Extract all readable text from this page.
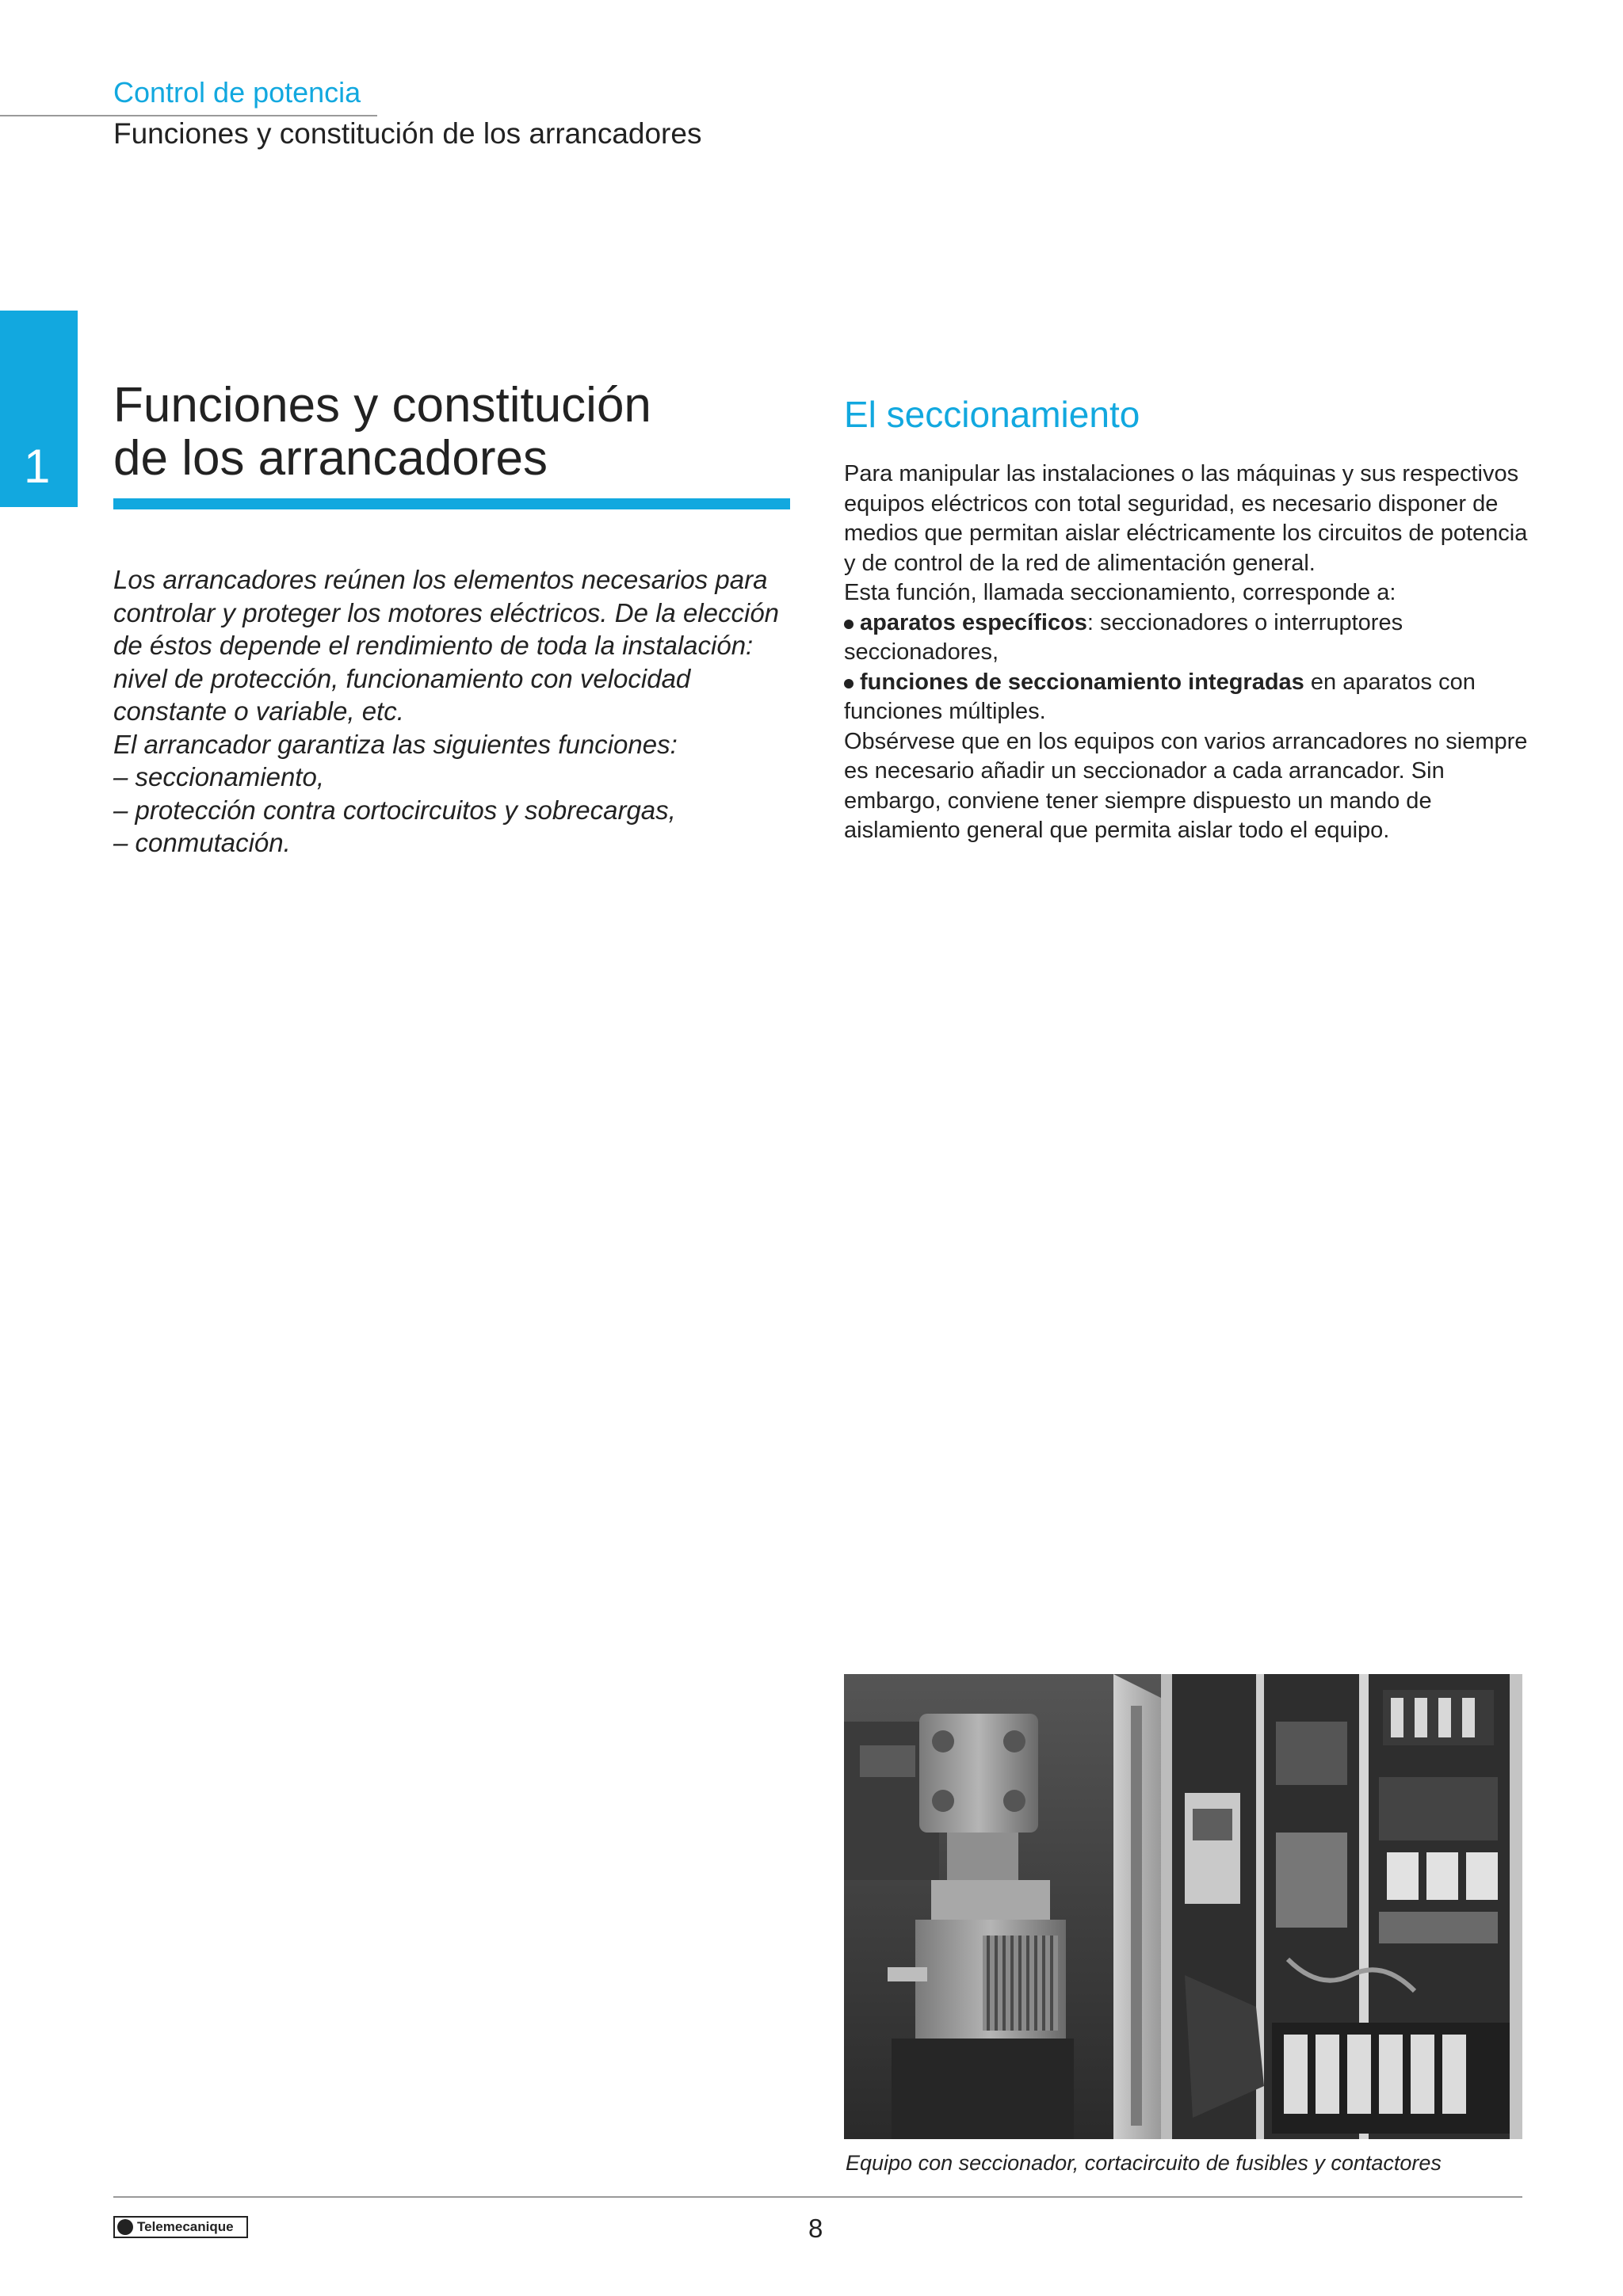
Control de potencia
Funciones y constitución de los arrancadores
1
Funciones y constitución
de los arrancadores

Los arrancadores reúnen los elementos necesarios para controlar y proteger los motores eléctricos. De la elección de éstos depende el rendimiento de toda la instalación: nivel de protección, funcionamiento con velocidad constante o variable, etc.

El arrancador garantiza las siguientes funciones:

– seccionamiento,

– protección contra cortocircuitos y sobrecargas,

– conmutación.

El seccionamiento

Para manipular las instalaciones o las máquinas y sus respectivos equipos eléctricos con total seguridad, es necesario disponer de medios que permitan aislar eléctricamente los circuitos de potencia y de control de la red de alimentación general.

Esta función, llamada seccionamiento, corresponde a:

aparatos específicos: seccionadores o interruptores seccionadores,

funciones de seccionamiento integradas en aparatos con funciones múltiples.

Obsérvese que en los equipos con varios arrancadores no siempre es necesario añadir un seccionador a cada arrancador. Sin embargo, conviene tener siempre dispuesto un mando de aislamiento general que permita aislar todo el equipo.

Equipo con seccionador, cortacircuito de fusibles y contactores
Telemecanique	8
